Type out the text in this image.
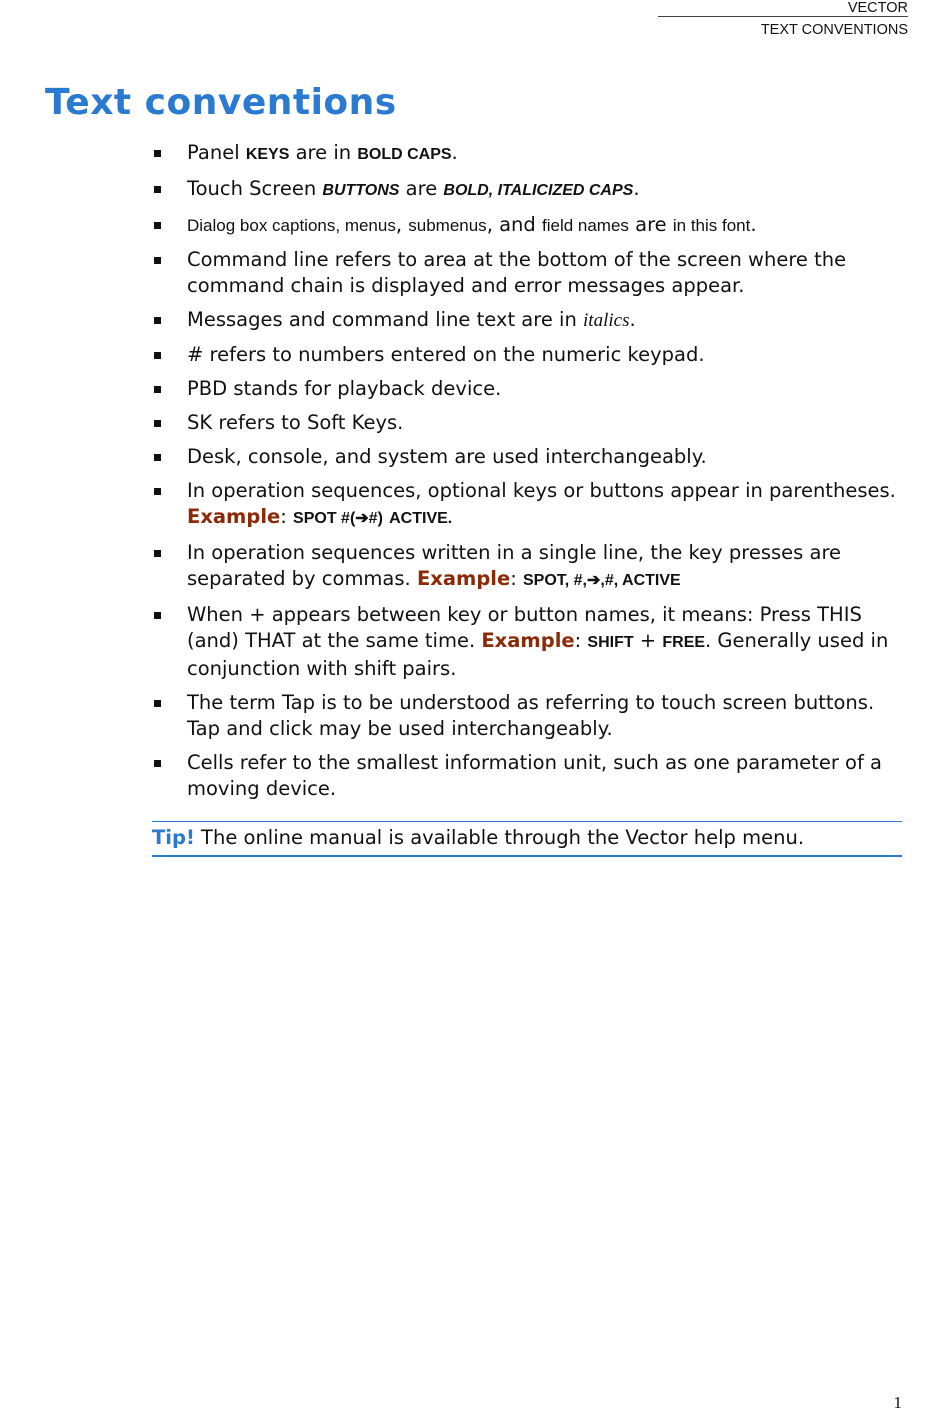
VECTOR
TEXT CONVENTIONS
Text conventions
Panel KEYS are in BOLD CAPS.
Touch Screen BUTTONS are BOLD, ITALICIZED CAPS.
Dialog box captions, menus, submenus, and field names are in this font.
Command line refers to area at the bottom of the screen where the command chain is displayed and error messages appear.
Messages and command line text are in italics.
# refers to numbers entered on the numeric keypad.
PBD stands for playback device.
SK refers to Soft Keys.
Desk, console, and system are used interchangeably.
In operation sequences, optional keys or buttons appear in parentheses. Example: SPOT #(➔#) ACTIVE.
In operation sequences written in a single line, the key presses are separated by commas. Example: SPOT, #,➔,#, ACTIVE
When + appears between key or button names, it means: Press THIS (and) THAT at the same time. Example: SHIFT + FREE. Generally used in conjunction with shift pairs.
The term Tap is to be understood as referring to touch screen buttons. Tap and click may be used interchangeably.
Cells refer to the smallest information unit, such as one parameter of a moving device.
Tip! The online manual is available through the Vector help menu.
1
